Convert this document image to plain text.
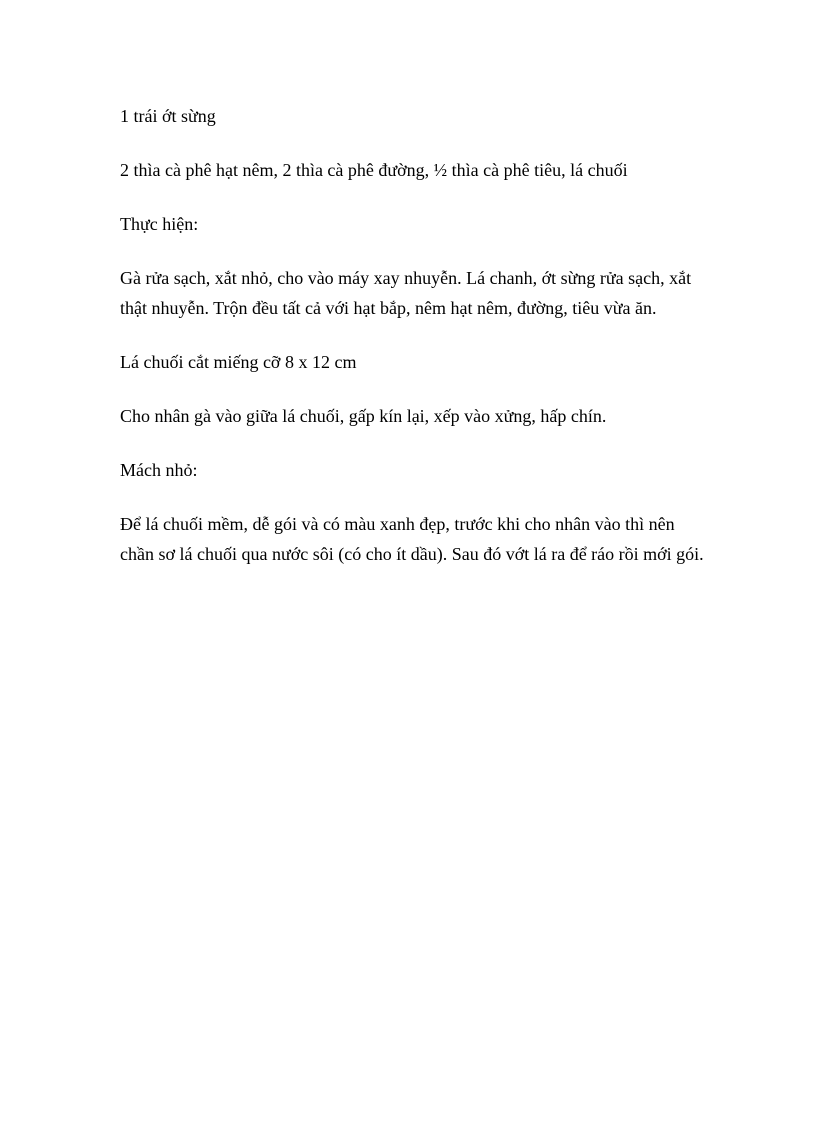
1 trái ớt sừng

2 thìa cà phê hạt nêm, 2 thìa cà phê đường, ½ thìa cà phê tiêu, lá chuối

Thực hiện:

Gà rửa sạch, xắt nhỏ, cho vào máy xay nhuyễn. Lá chanh, ớt sừng rửa sạch, xắt thật nhuyễn. Trộn đều tất cả với hạt bắp, nêm hạt nêm, đường, tiêu vừa ăn.

Lá chuối cắt miếng cỡ 8 x 12 cm

Cho nhân gà vào giữa lá chuối, gấp kín lại, xếp vào xửng, hấp chín.

Mách nhỏ:

Để lá chuối mềm, dễ gói và có màu xanh đẹp, trước khi cho nhân vào thì nên chần sơ lá chuối qua nước sôi (có cho ít dầu). Sau đó vớt lá ra để ráo rồi mới gói.
